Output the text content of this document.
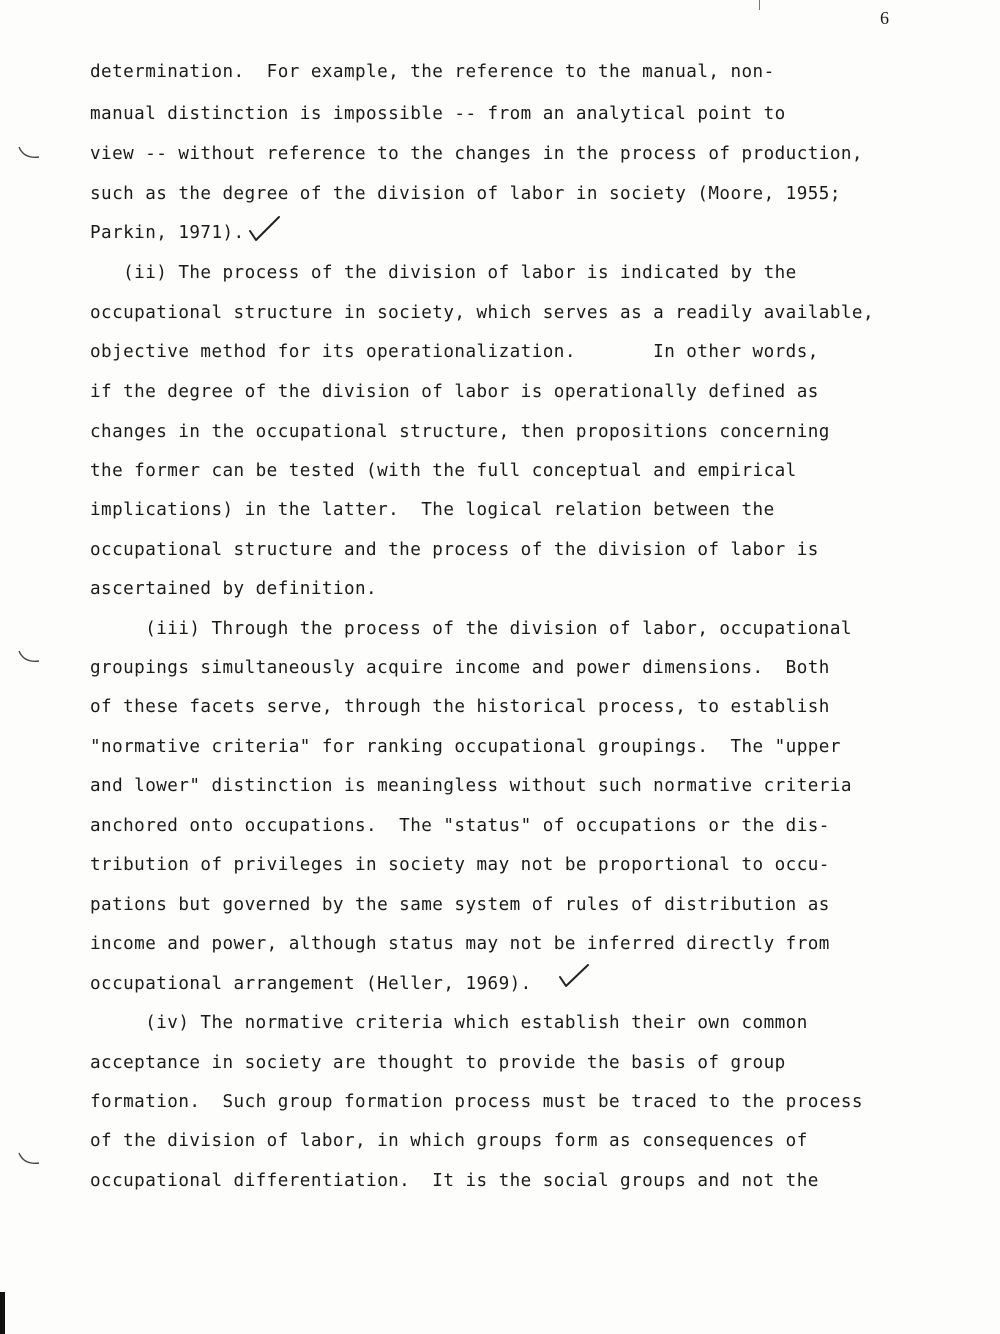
6
determination.  For example, the reference to the manual, non-
manual distinction is impossible -- from an analytical point to
view -- without reference to the changes in the process of production,
such as the degree of the division of labor in society (Moore, 1955;
Parkin, 1971).
(ii) The process of the division of labor is indicated by the
occupational structure in society, which serves as a readily available,
objective method for its operationalization.       In other words,
if the degree of the division of labor is operationally defined as
changes in the occupational structure, then propositions concerning
the former can be tested (with the full conceptual and empirical
implications) in the latter.  The logical relation between the
occupational structure and the process of the division of labor is
ascertained by definition.
(iii) Through the process of the division of labor, occupational
groupings simultaneously acquire income and power dimensions.  Both
of these facets serve, through the historical process, to establish
"normative criteria" for ranking occupational groupings.  The "upper
and lower" distinction is meaningless without such normative criteria
anchored onto occupations.  The "status" of occupations or the dis-
tribution of privileges in society may not be proportional to occu-
pations but governed by the same system of rules of distribution as
income and power, although status may not be inferred directly from
occupational arrangement (Heller, 1969).
(iv) The normative criteria which establish their own common
acceptance in society are thought to provide the basis of group
formation.  Such group formation process must be traced to the process
of the division of labor, in which groups form as consequences of
occupational differentiation.  It is the social groups and not the
